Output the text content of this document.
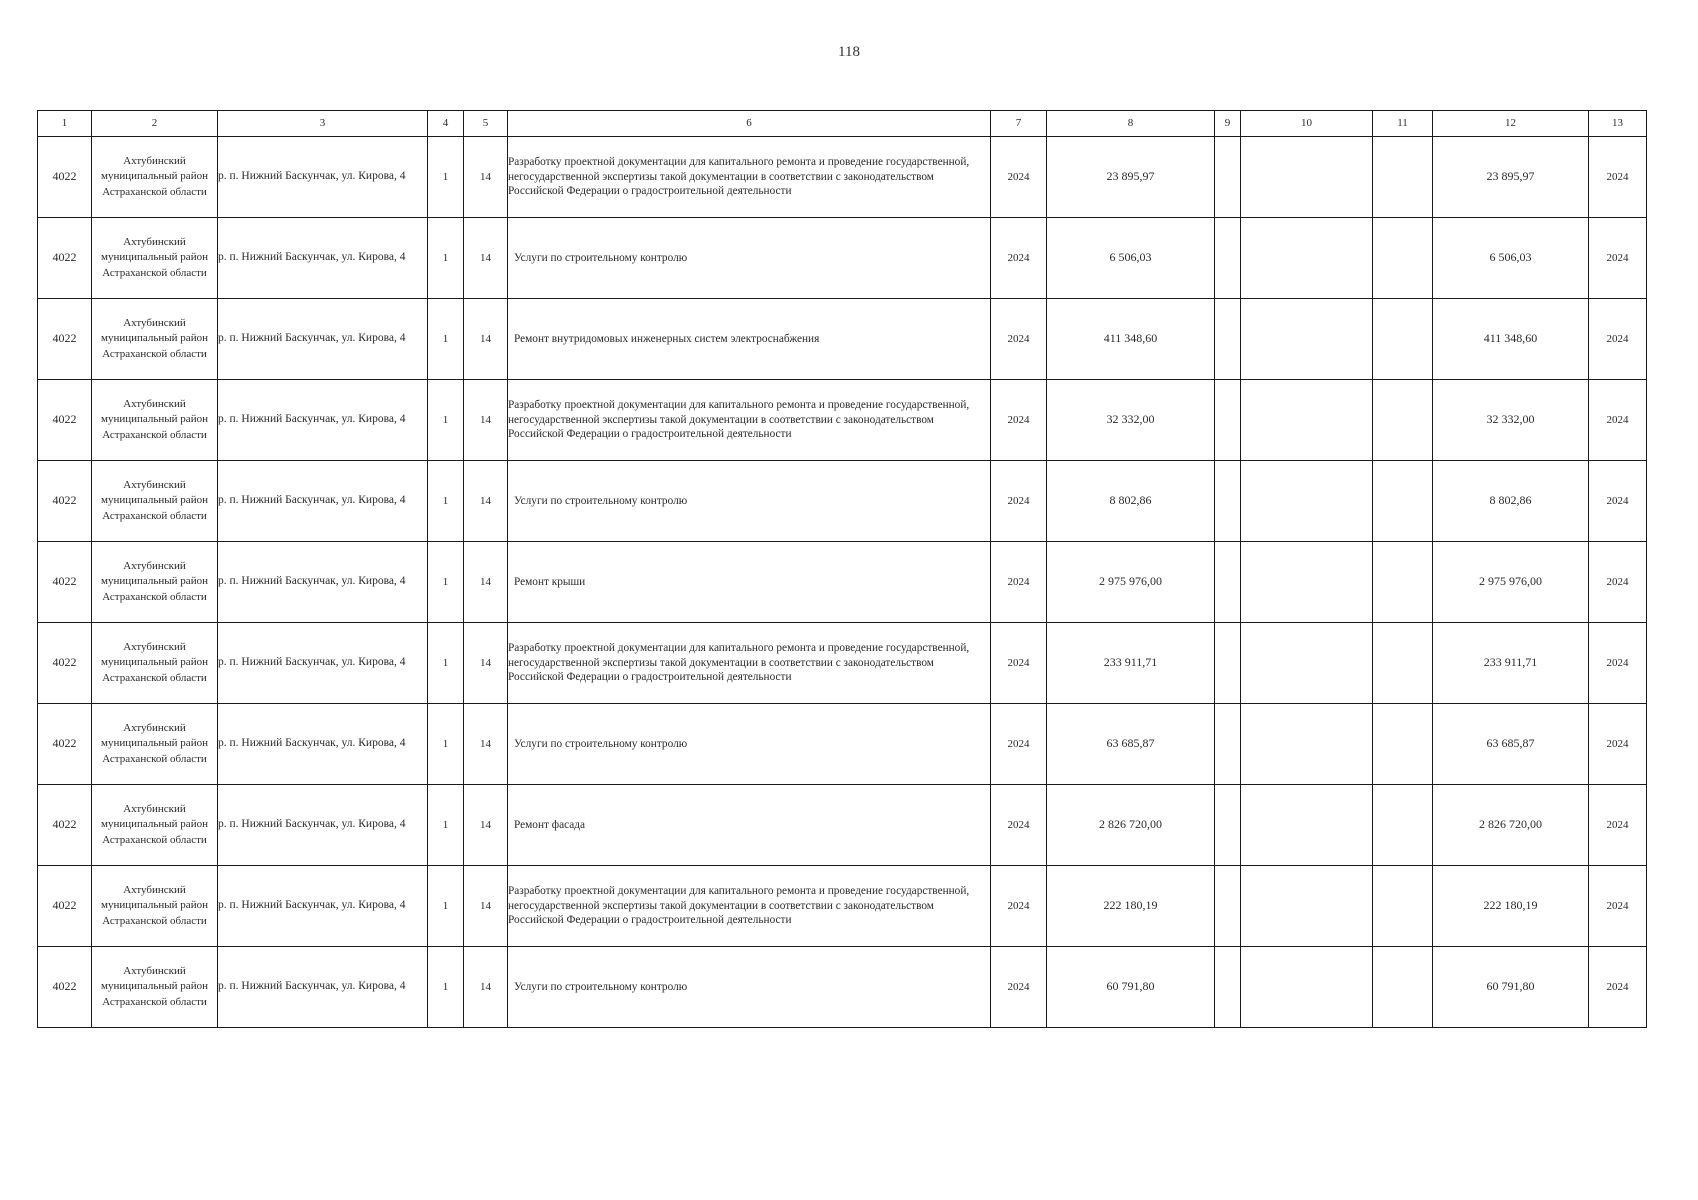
118
1	2	3	4	5	6	7	8	9	10	11	12	13
4022	Ахтубинский муниципальный район Астраханской области	р. п. Нижний Баскунчак, ул. Кирова, 4	1	14	Разработку проектной документации для капитального ремонта и проведение государственной, негосударственной экспертизы такой документации в соответствии с законодательством Российской Федерации о градостроительной деятельности	2024	23 895,97				23 895,97	2024
4022	Ахтубинский муниципальный район Астраханской области	р. п. Нижний Баскунчак, ул. Кирова, 4	1	14	Услуги по строительному контролю	2024	6 506,03				6 506,03	2024
4022	Ахтубинский муниципальный район Астраханской области	р. п. Нижний Баскунчак, ул. Кирова, 4	1	14	Ремонт внутридомовых инженерных систем электроснабжения	2024	411 348,60				411 348,60	2024
4022	Ахтубинский муниципальный район Астраханской области	р. п. Нижний Баскунчак, ул. Кирова, 4	1	14	Разработку проектной документации для капитального ремонта и проведение государственной, негосударственной экспертизы такой документации в соответствии с законодательством Российской Федерации о градостроительной деятельности	2024	32 332,00				32 332,00	2024
4022	Ахтубинский муниципальный район Астраханской области	р. п. Нижний Баскунчак, ул. Кирова, 4	1	14	Услуги по строительному контролю	2024	8 802,86				8 802,86	2024
4022	Ахтубинский муниципальный район Астраханской области	р. п. Нижний Баскунчак, ул. Кирова, 4	1	14	Ремонт крыши	2024	2 975 976,00				2 975 976,00	2024
4022	Ахтубинский муниципальный район Астраханской области	р. п. Нижний Баскунчак, ул. Кирова, 4	1	14	Разработку проектной документации для капитального ремонта и проведение государственной, негосударственной экспертизы такой документации в соответствии с законодательством Российской Федерации о градостроительной деятельности	2024	233 911,71				233 911,71	2024
4022	Ахтубинский муниципальный район Астраханской области	р. п. Нижний Баскунчак, ул. Кирова, 4	1	14	Услуги по строительному контролю	2024	63 685,87				63 685,87	2024
4022	Ахтубинский муниципальный район Астраханской области	р. п. Нижний Баскунчак, ул. Кирова, 4	1	14	Ремонт фасада	2024	2 826 720,00				2 826 720,00	2024
4022	Ахтубинский муниципальный район Астраханской области	р. п. Нижний Баскунчак, ул. Кирова, 4	1	14	Разработку проектной документации для капитального ремонта и проведение государственной, негосударственной экспертизы такой документации в соответствии с законодательством Российской Федерации о градостроительной деятельности	2024	222 180,19				222 180,19	2024
4022	Ахтубинский муниципальный район Астраханской области	р. п. Нижний Баскунчак, ул. Кирова, 4	1	14	Услуги по строительному контролю	2024	60 791,80				60 791,80	2024
